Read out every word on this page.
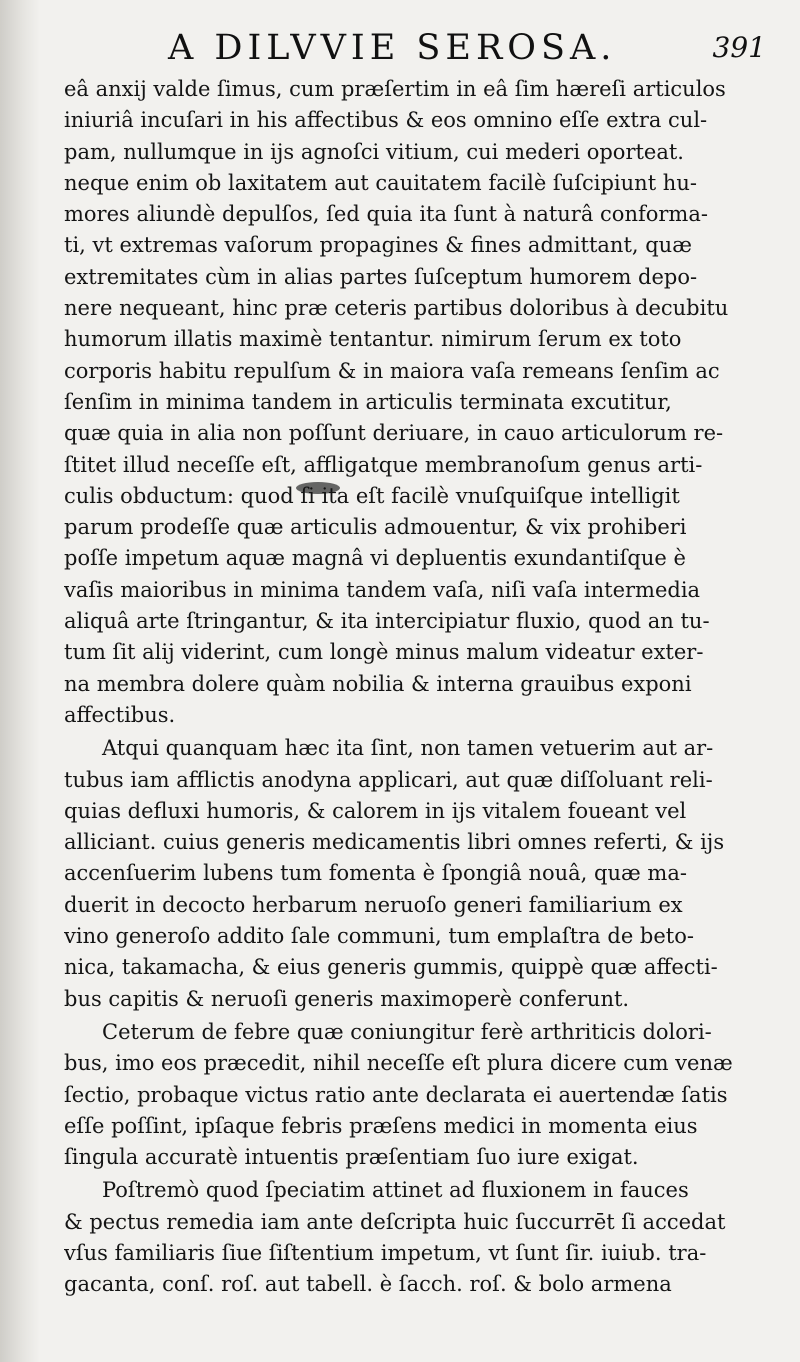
A DILVVIE SEROSA.	391
eâ anxij valde ſimus, cum præſertim in eâ ſim hæreſi articulos
iniuriâ incuſari in his affectibus & eos omnino eſſe extra cul-
pam, nullumque in ijs agnoſci vitium, cui mederi oporteat.
neque enim ob laxitatem aut cauitatem facilè ſuſcipiunt hu-
mores aliundè depulſos, ſed quia ita ſunt à naturâ conforma-
ti, vt extremas vaſorum propagines & fines admittant, quæ
extremitates cùm in alias partes ſuſceptum humorem depo-
nere nequeant, hinc præ ceteris partibus doloribus à decubitu
humorum illatis maximè tentantur. nimirum ſerum ex toto
corporis habitu repulſum & in maiora vaſa remeans ſenſim ac
ſenſim in minima tandem in articulis terminata excutitur,
quæ quia in alia non poſſunt deriuare, in cauo articulorum re-
ſtitet illud neceſſe eſt, affligatque membranoſum genus arti-
culis obductum: quod ſi ita eſt facilè vnuſquiſque intelligit
parum prodeſſe quæ articulis admouentur, & vix prohiberi
poſſe impetum aquæ magnâ vi depluentis exundantiſque è
vaſis maioribus in minima tandem vaſa, niſi vaſa intermedia
aliquâ arte ſtringantur, & ita intercipiatur fluxio, quod an tu-
tum ſit alij viderint, cum longè minus malum videatur exter-
na membra dolere quàm nobilia & interna grauibus exponi
affectibus.
Atqui quanquam hæc ita ſint, non tamen vetuerim aut ar-
tubus iam afflictis anodyna applicari, aut quæ diſſoluant reli-
quias defluxi humoris, & calorem in ijs vitalem foueant vel
alliciant. cuius generis medicamentis libri omnes referti, & ijs
accenſuerim lubens tum fomenta è ſpongiâ nouâ, quæ ma-
duerit in decocto herbarum neruoſo generi familiarium ex
vino generoſo addito ſale communi, tum emplaſtra de beto-
nica, takamacha, & eius generis gummis, quippè quæ affecti-
bus capitis & neruoſi generis maximoperè conferunt.
Ceterum de febre quæ coniungitur ferè arthriticis dolori-
bus, imo eos præcedit, nihil neceſſe eſt plura dicere cum venæ
ſectio, probaque victus ratio ante declarata ei auertendæ ſatis
eſſe poſſint, ipſaque febris præſens medici in momenta eius
ſingula accuratè intuentis præſentiam ſuo iure exigat.
Poſtremò quod ſpeciatim attinet ad fluxionem in fauces
& pectus remedia iam ante deſcripta huic ſuccurrēt ſi accedat
vſus familiaris ſiue ſiſtentium impetum, vt ſunt ſir. iuiub. tra-
gacanta, conſ. roſ. aut tabell. è ſacch. roſ. & bolo armena
